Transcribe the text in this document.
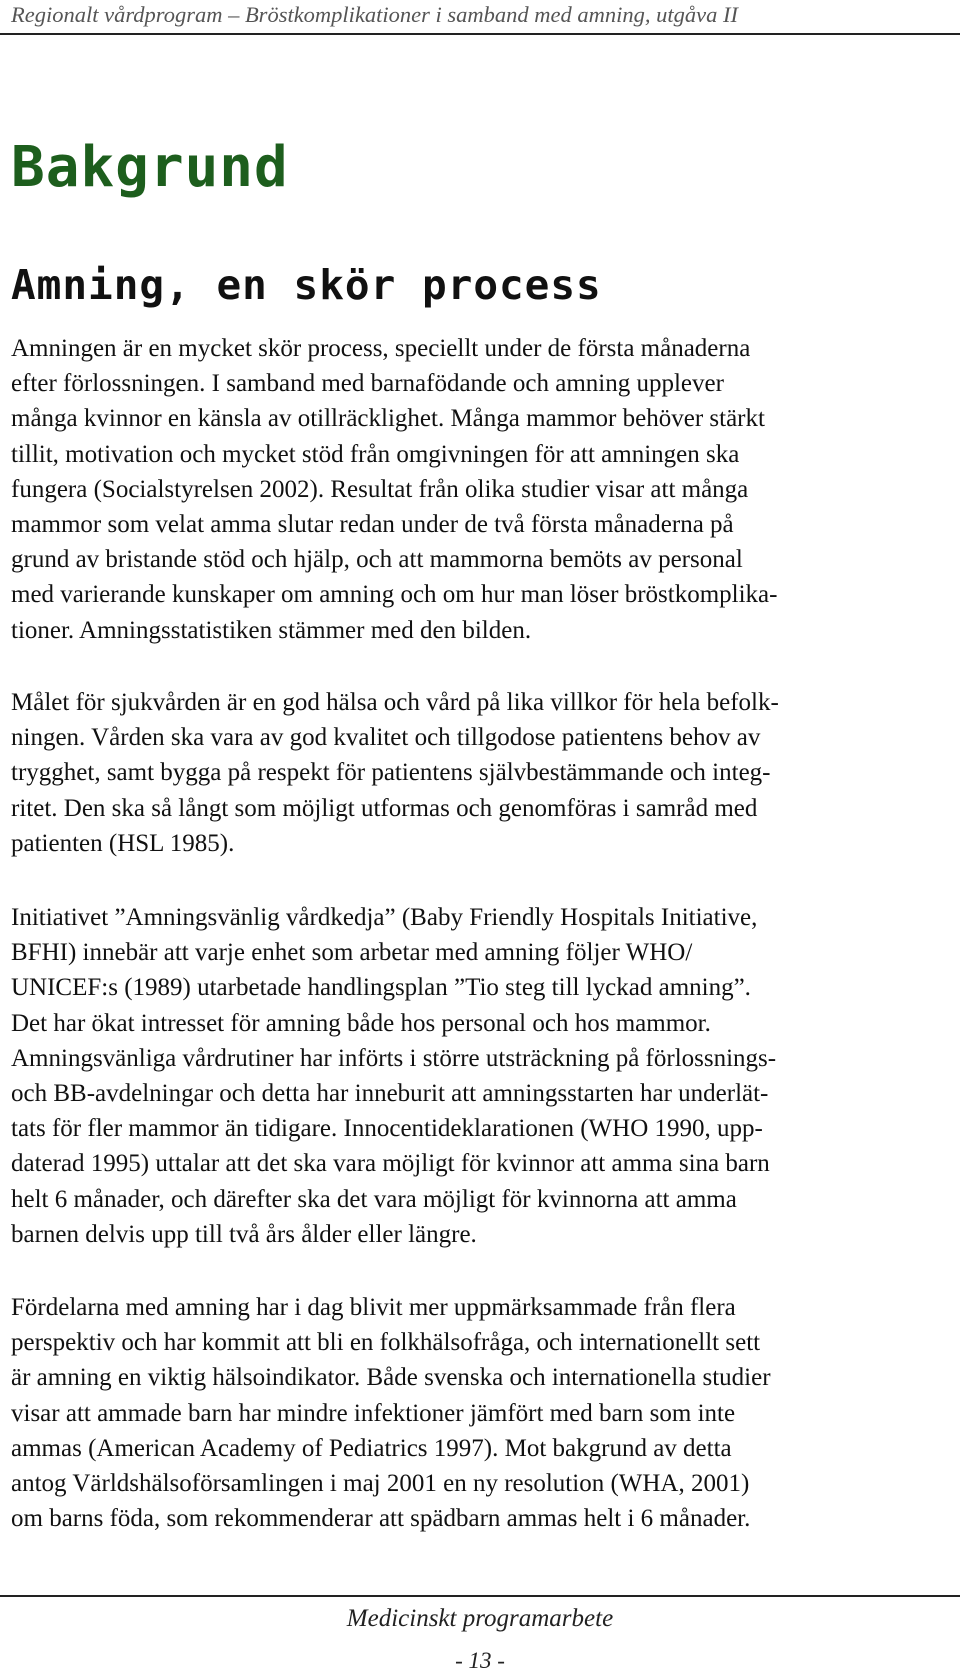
Regionalt vårdprogram – Bröstkomplikationer i samband med amning, utgåva II
Bakgrund
Amning, en skör process
Amningen är en mycket skör process, speciellt under de första månaderna
efter förlossningen. I samband med barnafödande och amning upplever
många kvinnor en känsla av otillräcklighet. Många mammor behöver stärkt
tillit, motivation och mycket stöd från omgivningen för att amningen ska
fungera (Socialstyrelsen 2002). Resultat från olika studier visar att många
mammor som velat amma slutar redan under de två första månaderna på
grund av bristande stöd och hjälp, och att mammorna bemöts av personal
med varierande kunskaper om amning och om hur man löser bröstkomplika-
tioner. Amningsstatistiken stämmer med den bilden.
Målet för sjukvården är en god hälsa och vård på lika villkor för hela befolk-
ningen. Vården ska vara av god kvalitet och tillgodose patientens behov av
trygghet, samt bygga på respekt för patientens självbestämmande och integ-
ritet. Den ska så långt som möjligt utformas och genomföras i samråd med
patienten (HSL 1985).
Initiativet ”Amningsvänlig vårdkedja” (Baby Friendly Hospitals Initiative,
BFHI) innebär att varje enhet som arbetar med amning följer WHO/
UNICEF:s (1989) utarbetade handlingsplan ”Tio steg till lyckad amning”.
Det har ökat intresset för amning både hos personal och hos mammor.
Amningsvänliga vårdrutiner har införts i större utsträckning på förlossnings-
och BB-avdelningar och detta har inneburit att amningsstarten har underlät-
tats för fler mammor än tidigare. Innocentideklarationen (WHO 1990, upp-
daterad 1995) uttalar att det ska vara möjligt för kvinnor att amma sina barn
helt 6 månader, och därefter ska det vara möjligt för kvinnorna att amma
barnen delvis upp till två års ålder eller längre.
Fördelarna med amning har i dag blivit mer uppmärksammade från flera
perspektiv och har kommit att bli en folkhälsofråga, och internationellt sett
är amning en viktig hälsoindikator. Både svenska och internationella studier
visar att ammade barn har mindre infektioner jämfört med barn som inte
ammas (American Academy of Pediatrics 1997). Mot bakgrund av detta
antog Världshälsoförsamlingen i maj 2001 en ny resolution (WHA, 2001)
om barns föda, som rekommenderar att spädbarn ammas helt i 6 månader.
Medicinskt programarbete
- 13 -
